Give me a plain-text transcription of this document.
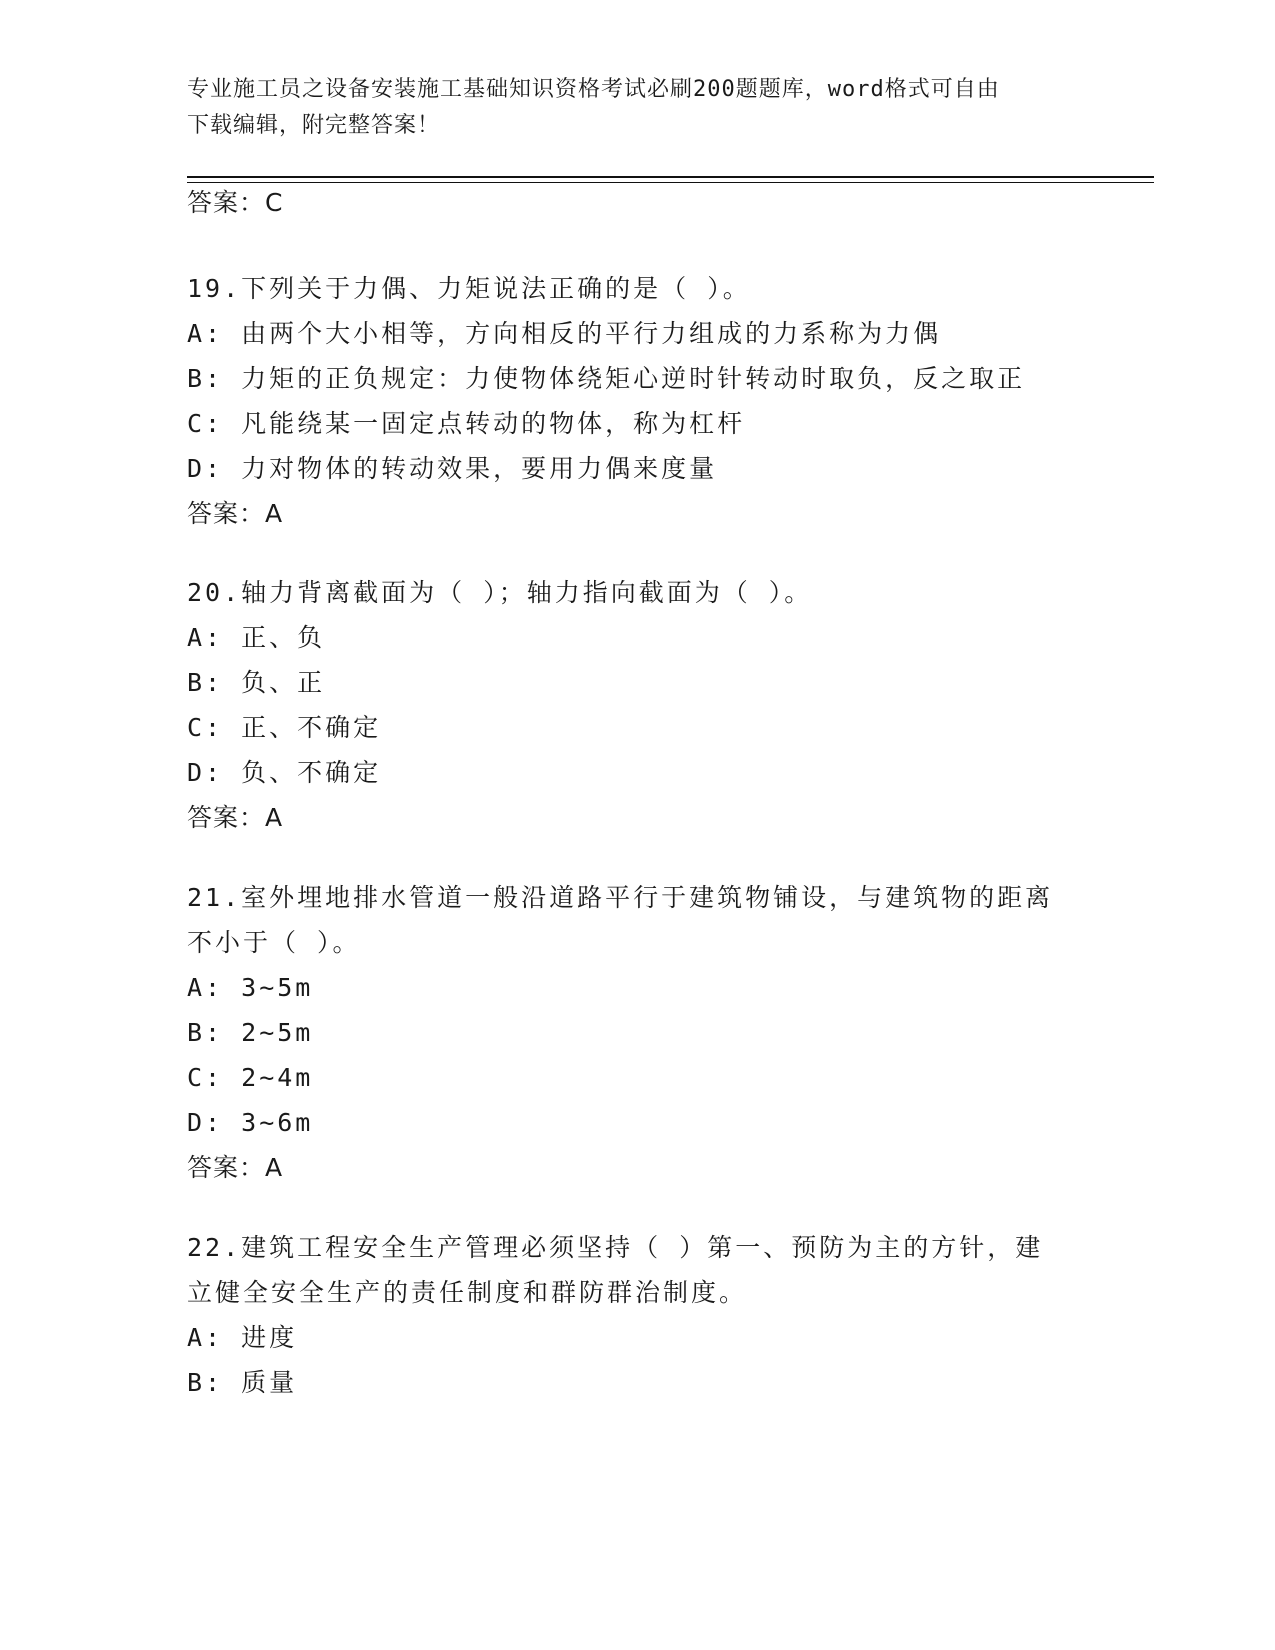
专业施工员之设备安装施工基础知识资格考试必刷200题题库，word格式可自由
下载编辑，附完整答案！
答案：C
19.下列关于力偶、力矩说法正确的是（ ）。
A: 由两个大小相等，方向相反的平行力组成的力系称为力偶
B: 力矩的正负规定：力使物体绕矩心逆时针转动时取负，反之取正
C: 凡能绕某一固定点转动的物体，称为杠杆
D: 力对物体的转动效果，要用力偶来度量
答案：A
20.轴力背离截面为（ ）；轴力指向截面为（ ）。
A: 正、负
B: 负、正
C: 正、不确定
D: 负、不确定
答案：A
21.室外埋地排水管道一般沿道路平行于建筑物铺设，与建筑物的距离
不小于（ ）。
A: 3~5m
B: 2~5m
C: 2~4m
D: 3~6m
答案：A
22.建筑工程安全生产管理必须坚持（ ）第一、预防为主的方针，建
立健全安全生产的责任制度和群防群治制度。
A: 进度
B: 质量
